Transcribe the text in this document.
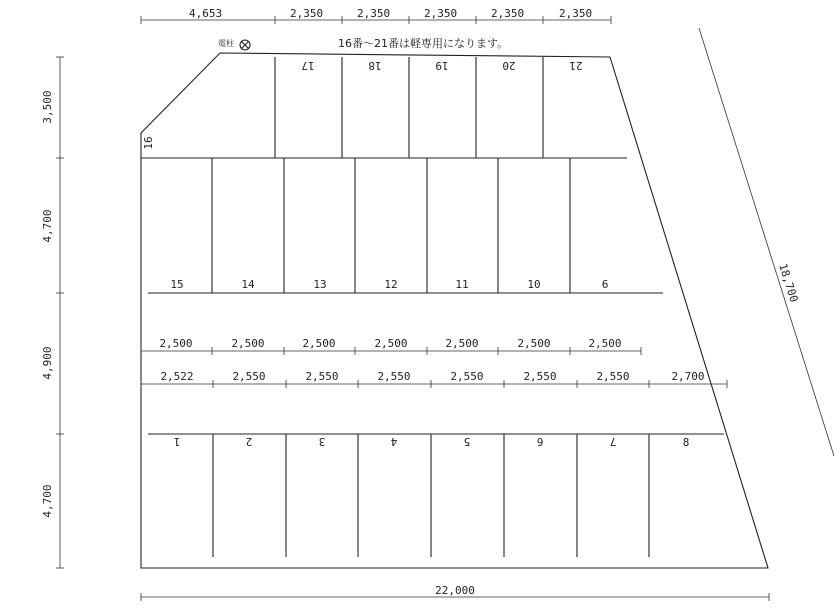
電柱	16番～21番は軽専用になります。
4,653	2,350	2,350	2,350	2,350	2,350
3,500
4,700
4,900
4,700
2,500	2,500	2,500	2,500	2,500	2,500	2,500
2,522	2,550	2,550	2,550	2,550	2,550	2,550	2,700
22,000
18,700
16
17	18	19	20	21
15	14	13	12	11	10	9
1	2	3	4	5	6	7	8
